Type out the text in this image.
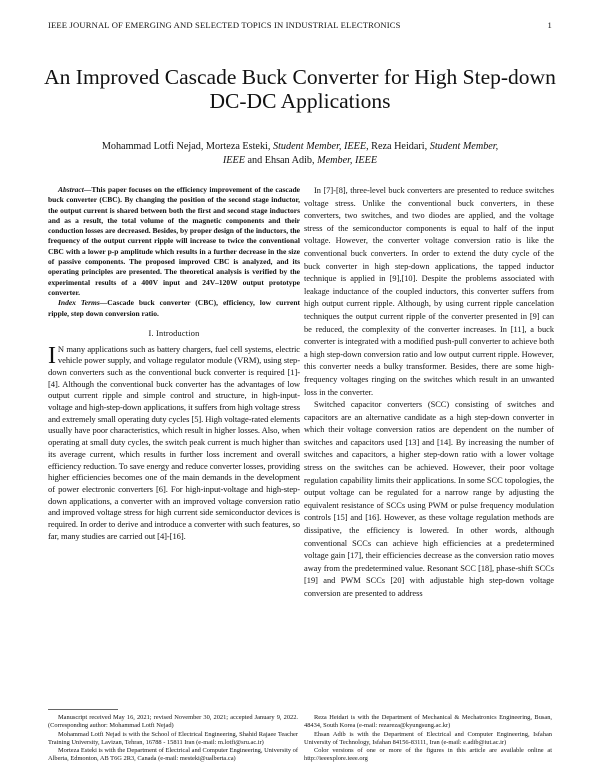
IEEE JOURNAL OF EMERGING AND SELECTED TOPICS IN INDUSTRIAL ELECTRONICS	1
An Improved Cascade Buck Converter for High Step-down DC-DC Applications
Mohammad Lotfi Nejad, Morteza Esteki, Student Member, IEEE, Reza Heidari, Student Member,
IEEE and Ehsan Adib, Member, IEEE

Abstract—This paper focuses on the efficiency improvement of the cascade buck converter (CBC). By changing the position of the second stage inductor, the output current is shared between both the first and second stage inductors and as a result, the total volume of the magnetic components and their conduction losses are decreased. Besides, by proper design of the inductors, the frequency of the output current ripple will increase to twice the conventional CBC with a lower p-p amplitude which results in a further decrease in the size of passive components. The proposed improved CBC is analyzed, and its operating principles are presented. The theoretical analysis is verified by the experimental results of a 400V input and 24V–120W output prototype converter.

Index Terms—Cascade buck converter (CBC), efficiency, low current ripple, step down conversion ratio.

I. Introduction

I N many applications such as battery chargers, fuel cell systems, electric vehicle power supply, and voltage regulator module (VRM), using step-down converters such as the conventional buck converter is required [1]-[4]. Although the conventional buck converter has the advantages of low output current ripple and simple control and structure, in high-input-voltage and high-step-down applications, it suffers from high voltage stress and extremely small operating duty cycles [5]. High voltage-rated elements usually have poor characteristics, which result in higher losses. Also, when operating at small duty cycles, the switch peak current is much higher than its average current, which results in further loss increment and overall efficiency reduction. To save energy and reduce converter losses, providing higher efficiencies becomes one of the main demands in the development of power electronic converters [6]. For high-input-voltage and high-step-down applications, a converter with an improved voltage conversion ratio and improved voltage stress for high current side semiconductor devices is required. In order to derive and introduce a converter with such features, so far, many studies are carried out [4]-[16].

In [7]-[8], three-level buck converters are presented to reduce switches voltage stress. Unlike the conventional buck converters, in these converters, two switches, and two diodes are applied, and the voltage stress of the semiconductor components is equal to half of the input voltage. However, the converter voltage conversion ratio is like the conventional buck converters. In order to extend the duty cycle of the buck converter in high step-down applications, the tapped inductor technique is applied in [9],[10]. Despite the problems associated with leakage inductance of the coupled inductors, this converter suffers from high output current ripple. Although, by using current ripple cancelation techniques the output current ripple of the converter presented in [9] can be reduced, the complexity of the converter increases. In [11], a buck converter is integrated with a modified push-pull converter to achieve both a high step-down conversion ratio and low output current ripple. However, this converter needs a bulky transformer. Besides, there are some high-frequency voltages ringing on the switches which result in an unwanted loss in the converter.

Switched capacitor converters (SCC) consisting of switches and capacitors are an alternative candidate as a high step-down converter in which their voltage conversion ratios are dependent on the number of switches and capacitors used [13] and [14]. By increasing the number of switches and capacitors, a higher step-down ratio with a lower voltage stress on the switches can be achieved. However, their poor voltage regulation capability limits their applications. In some SCC topologies, the output voltage can be regulated for a narrow range by adjusting the equivalent resistance of SCCs using PWM or pulse frequency modulation controls [15] and [16]. However, as these voltage regulation methods are dissipative, the efficiency is lowered. In other words, although conventional SCCs can achieve high efficiencies at a predetermined voltage gain [17], their efficiencies decrease as the conversion ratio moves away from the predetermined value. Resonant SCC [18], phase-shift SCCs [19] and PWM SCCs [20] with adjustable high step-down voltage conversion are presented to address

Manuscript received May 16, 2021; revised November 30, 2021; accepted January 9, 2022. (Corresponding author: Mohammad Lotfi Nejad)

Mohammad Lotfi Nejad is with the School of Electrical Engineering, Shahid Rajaee Teacher Training University, Lavizan, Tehran, 16788 - 15811 Iran (e-mail: m.lotfi@sru.ac.ir)

Morteza Esteki is with the Department of Electrical and Computer Engineering, University of Alberta, Edmonton, AB T6G 2R3, Canada (e-mail: mesteki@ualberta.ca)

Reza Heidari is with the Department of Mechanical & Mechatronics Engineering, Busan, 48434, South Korea (e-mail: rezareza@kyungsung.ac.kr)

Ehsan Adib is with the Department of Electrical and Computer Engineering, Isfahan University of Technology, Isfahan 84156-83111, Iran (e-mail: e.adib@iut.ac.ir)

Color versions of one or more of the figures in this article are available online at http://ieeexplore.ieee.org
